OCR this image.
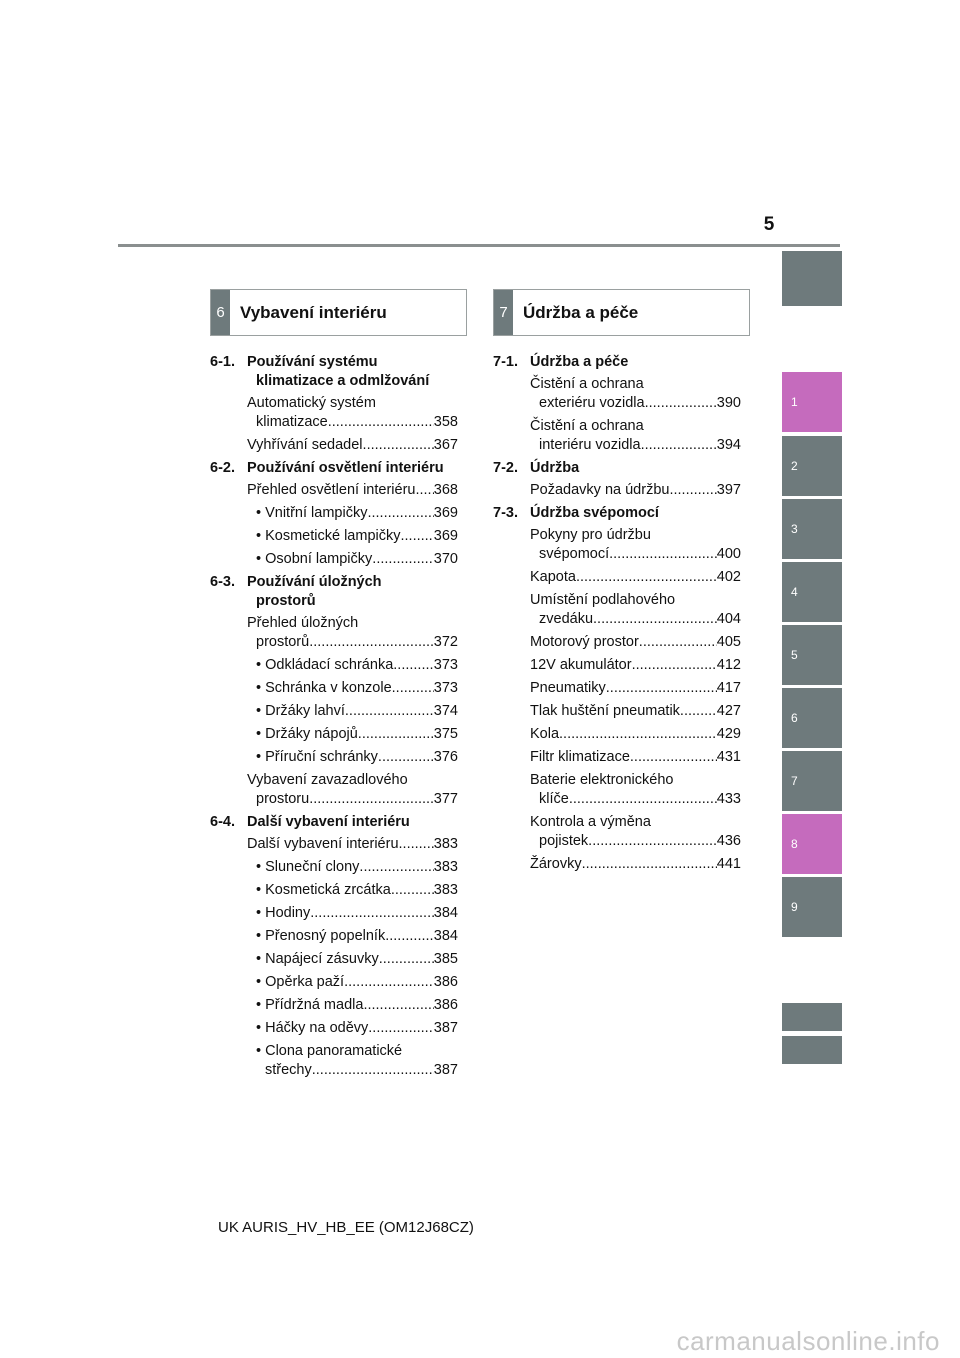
5
1
2
3
4
5
6
7
8
9
6 Vybavení interiéru	7 Údržba a péče
6-1. Používání systému
klimatizace a odmlžování
Automatický systém
klimatizace .....	358
Vyhřívání sedadel .....	367
6-2. Používání osvětlení interiéru
Přehled osvětlení interiéru ..... 368
• Vnitřní lampičky .....	369
• Kosmetické lampičky ..... 369
• Osobní lampičky .....	370
6-3. Používání úložných
prostorů
Přehled úložných
prostorů .....	372
• Odkládací schránka .....	373
• Schránka v konzole .....	373
• Držáky lahví .....	374
• Držáky nápojů .....	375
• Příruční schránky .....	376
Vybavení zavazadlového
prostoru .....	377
6-4. Další vybavení interiéru
Další vybavení interiéru ..... 383
• Sluneční clony .....	383
• Kosmetická zrcátka .....	383
• Hodiny .....	384
• Přenosný popelník .....	384
• Napájecí zásuvky .....	385
• Opěrka paží .....	386
• Přídržná madla .....	386
• Háčky na oděvy .....	387
• Clona panoramatické
střechy .....	387
7-1. Údržba a péče
Čistění a ochrana
exteriéru vozidla .....	390
Čistění a ochrana
interiéru vozidla .....	394
7-2. Údržba
Požadavky na údržbu .....	397
7-3. Údržba svépomocí
Pokyny pro údržbu
svépomocí .....	400
Kapota .....	402
Umístění podlahového
zvedáku .....	404
Motorový prostor .....	405
12V akumulátor .....	412
Pneumatiky .....	417
Tlak huštění pneumatik .....	427
Kola .....	429
Filtr klimatizace .....	431
Baterie elektronického
klíče .....	433
Kontrola a výměna
pojistek .....	436
Žárovky .....	441
UK AURIS_HV_HB_EE (OM12J68CZ)
carmanualsonline.info
